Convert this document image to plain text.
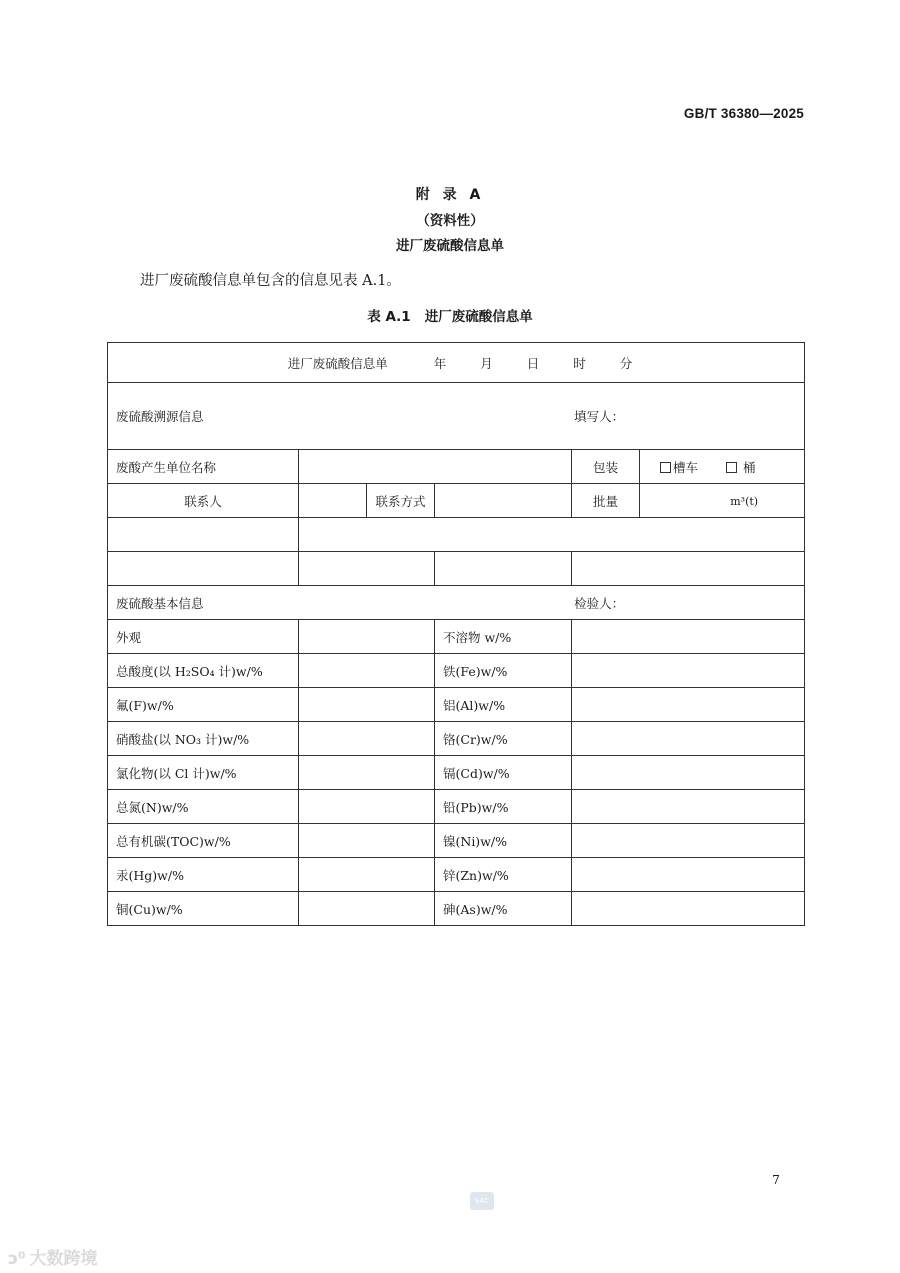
GB/T 36380—2025
附 录 A
（资料性）
进厂废硫酸信息单
进厂废硫酸信息单包含的信息见表 A.1。
表 A.1 进厂废硫酸信息单
进厂废硫酸信息单 年 月 日 时 分					

废硫酸溯源信息 填写人：					

废酸产生单位名称				包装	槽车 桶
联系人		联系方式		批量	m³(t)

废硫酸基本信息 检验人：					

外观			不溶物 w/%		
总酸度(以 H₂SO₄ 计)w/%			铁(Fe)w/%		
氟(F)w/%			铝(Al)w/%		
硝酸盐(以 NO₃ 计)w/%			铬(Cr)w/%		
氯化物(以 Cl 计)w/%			镉(Cd)w/%		
总氮(N)w/%			铅(Pb)w/%		
总有机碳(TOC)w/%			镍(Ni)w/%		
汞(Hg)w/%			锌(Zn)w/%		
铜(Cu)w/%			砷(As)w/%		
7
SAC
ↄ⁰ 大数跨境
